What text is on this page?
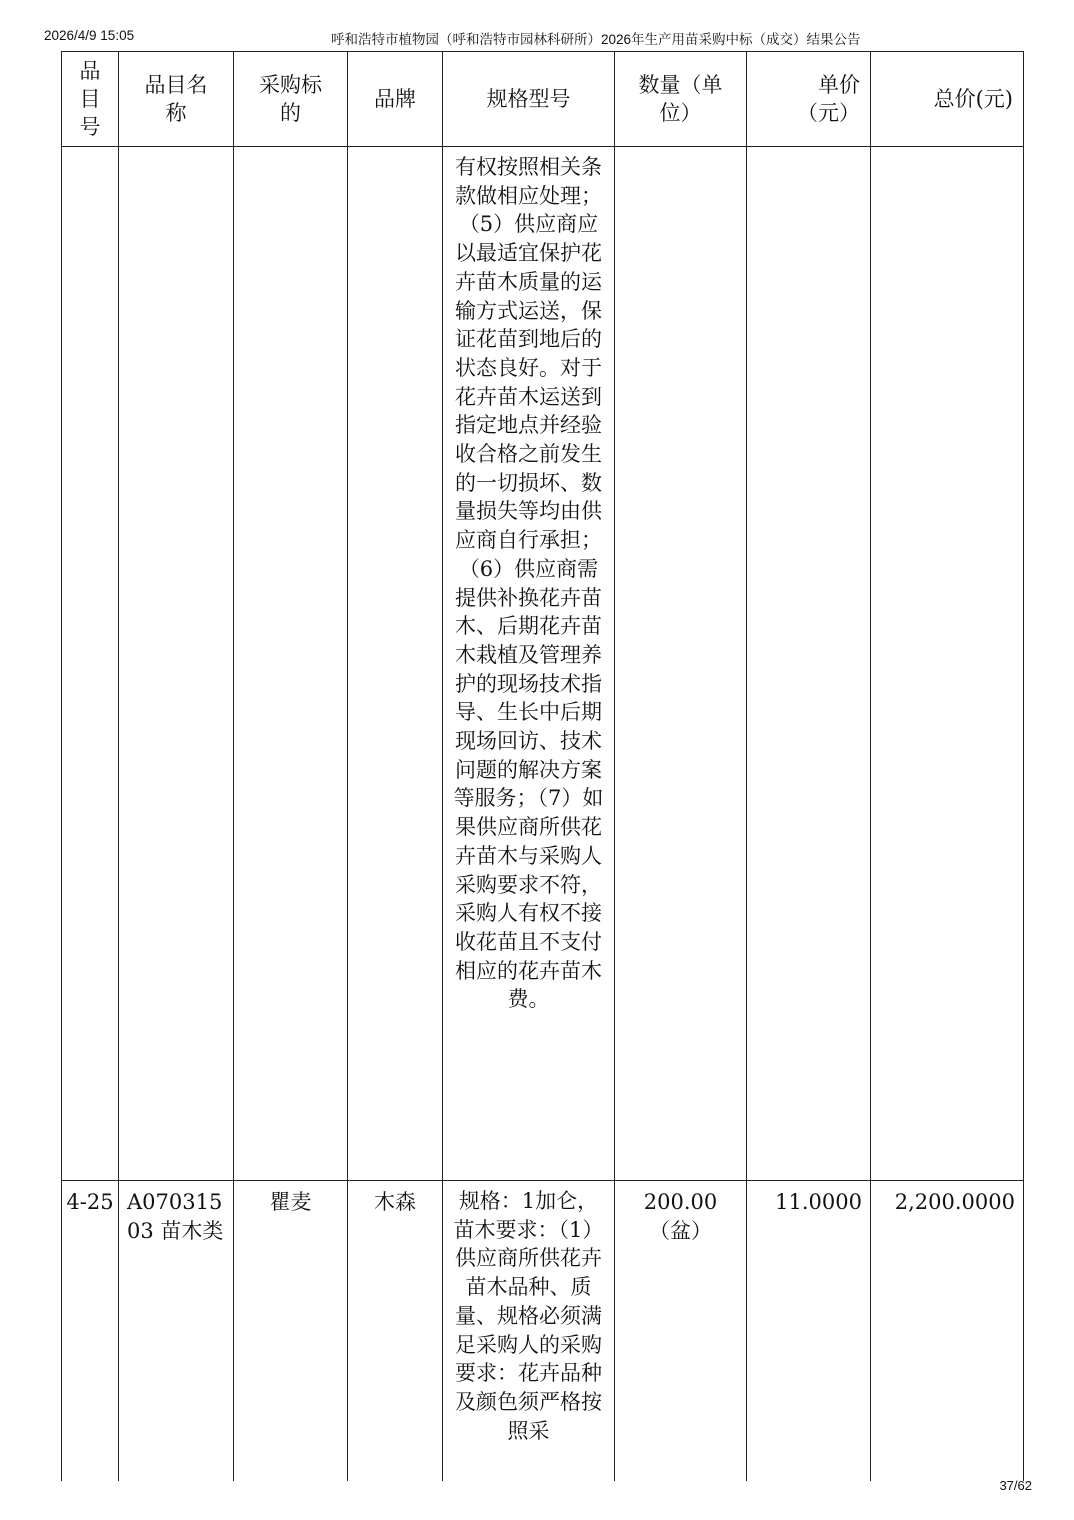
2026/4/9 15:05	呼和浩特市植物园（呼和浩特市园林科研所）2026年生产用苗采购中标（成交）结果公告
品目号	品目名称	采购标的	品牌	规格型号	数量（单位）	单价（元）	总价(元)
				有权按照相关条款做相应处理；（5）供应商应以最适宜保护花卉苗木质量的运输方式运送，保证花苗到地后的状态良好。对于花卉苗木运送到指定地点并经验收合格之前发生的一切损坏、数量损失等均由供应商自行承担；（6）供应商需提供补换花卉苗木、后期花卉苗木栽植及管理养护的现场技术指导、生长中后期现场回访、技术问题的解决方案等服务；（7）如果供应商所供花卉苗木与采购人采购要求不符，采购人有权不接收花苗且不支付相应的花卉苗木费。			
4-25	A07031503 苗木类	瞿麦	木森	规格：1加仑，苗木要求：（1）供应商所供花卉苗木品种、质量、规格必须满足采购人的采购要求：花卉品种及颜色须严格按照采	200.00（盆）	11.0000	2,200.0000
37/62
